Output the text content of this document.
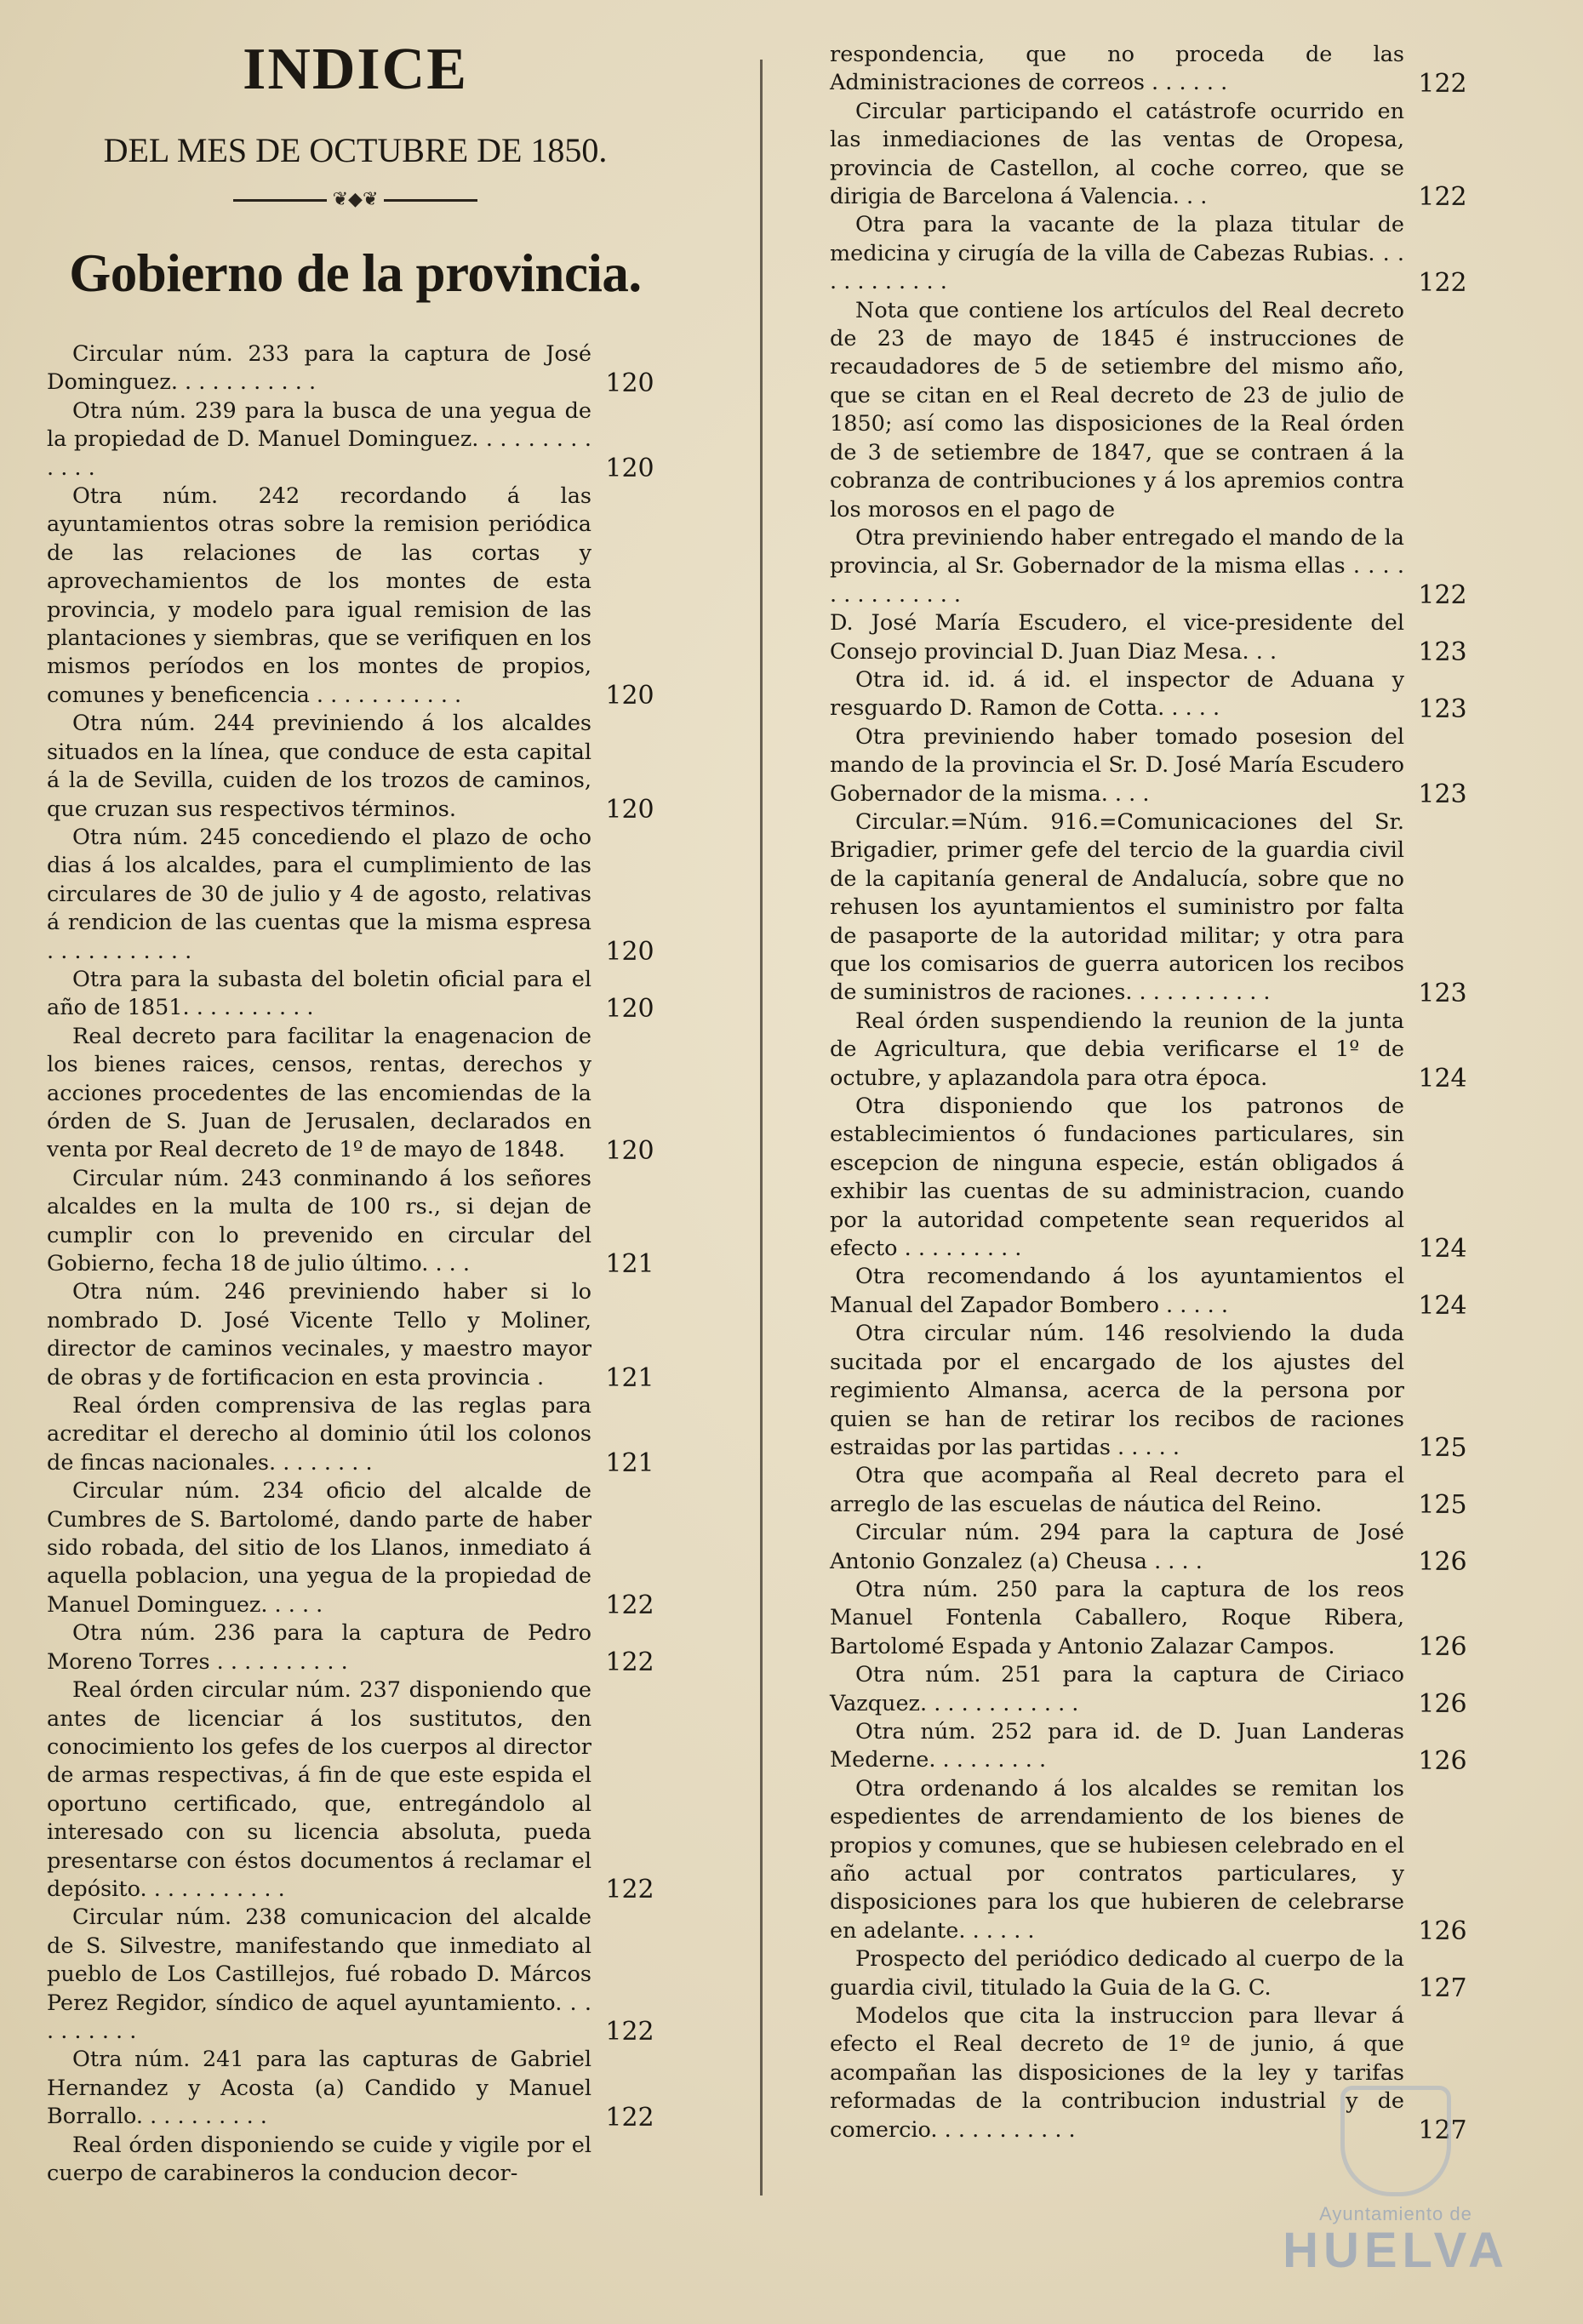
INDICE
DEL MES DE OCTUBRE DE 1850.
❦◆❦
Gobierno de la provincia.
Circular núm. 233 para la captura de José Dominguez. . . . . . . . . . .	120
Otra núm. 239 para la busca de una yegua de la propiedad de D. Manuel Dominguez. . . . . . . . . . . . .	120
Otra núm. 242 recordando á las ayuntamientos otras sobre la remision periódica de las relaciones de las cortas y aprovechamientos de los montes de esta provincia, y modelo para igual remision de las plantaciones y siembras, que se verifiquen en los mismos períodos en los montes de propios, comunes y beneficencia . . . . . . . . . . .	120
Otra núm. 244 previniendo á los alcaldes situados en la línea, que conduce de esta capital á la de Sevilla, cuiden de los trozos de caminos, que cruzan sus respectivos términos.	120
Otra núm. 245 concediendo el plazo de ocho dias á los alcaldes, para el cumplimiento de las circulares de 30 de julio y 4 de agosto, relativas á rendicion de las cuentas que la misma espresa . . . . . . . . . . .	120
Otra para la subasta del boletin oficial para el año de 1851. . . . . . . . . .	120
Real decreto para facilitar la enagenacion de los bienes raices, censos, rentas, derechos y acciones procedentes de las encomiendas de la órden de S. Juan de Jerusalen, declarados en venta por Real decreto de 1º de mayo de 1848.	120
Circular núm. 243 conminando á los señores alcaldes en la multa de 100 rs., si dejan de cumplir con lo prevenido en circular del Gobierno, fecha 18 de julio último. . . .	121
Otra núm. 246 previniendo haber si lo nombrado D. José Vicente Tello y Moliner, director de caminos vecinales, y maestro mayor de obras y de fortificacion en esta provincia .	121
Real órden comprensiva de las reglas para acreditar el derecho al dominio útil los colonos de fincas nacionales. . . . . . . .	121
Circular núm. 234 oficio del alcalde de Cumbres de S. Bartolomé, dando parte de haber sido robada, del sitio de los Llanos, inmediato á aquella poblacion, una yegua de la propiedad de Manuel Dominguez. . . . .	122
Otra núm. 236 para la captura de Pedro Moreno Torres . . . . . . . . . .	122
Real órden circular núm. 237 disponiendo que antes de licenciar á los sustitutos, den conocimiento los gefes de los cuerpos al director de armas respectivas, á fin de que este espida el oportuno certificado, que, entregándolo al interesado con su licencia absoluta, pueda presentarse con éstos documentos á reclamar el depósito. . . . . . . . . . .	122
Circular núm. 238 comunicacion del alcalde de S. Silvestre, manifestando que inmediato al pueblo de Los Castillejos, fué robado D. Márcos Perez Regidor, síndico de aquel ayuntamiento. . . . . . . . . .	122
Otra núm. 241 para las capturas de Gabriel Hernandez y Acosta (a) Candido y Manuel Borrallo. . . . . . . . . .	122
Real órden disponiendo se cuide y vigile por el cuerpo de carabineros la conducion decor-
respondencia, que no proceda de las Administraciones de correos . . . . . .	122
Circular participando el catástrofe ocurrido en las inmediaciones de las ventas de Oropesa, provincia de Castellon, al coche correo, que se dirigia de Barcelona á Valencia. . .	122
Otra para la vacante de la plaza titular de medicina y cirugía de la villa de Cabezas Rubias. . . . . . . . . . . .	122
Nota que contiene los artículos del Real decreto de 23 de mayo de 1845 é instrucciones de recaudadores de 5 de setiembre del mismo año, que se citan en el Real decreto de 23 de julio de 1850; así como las disposiciones de la Real órden de 3 de setiembre de 1847, que se contraen á la cobranza de contribuciones y á los apremios contra los morosos en el pago de
Otra previniendo haber entregado el mando de la provincia, al Sr. Gobernador de la misma ellas . . . . . . . . . . . . . .	122
D. José María Escudero, el vice-presidente del Consejo provincial D. Juan Diaz Mesa. . .	123
Otra id. id. á id. el inspector de Aduana y resguardo D. Ramon de Cotta. . . . .	123
Otra previniendo haber tomado posesion del mando de la provincia el Sr. D. José María Escudero Gobernador de la misma. . . .	123
Circular.=Núm. 916.=Comunicaciones del Sr. Brigadier, primer gefe del tercio de la guardia civil de la capitanía general de Andalucía, sobre que no rehusen los ayuntamientos el suministro por falta de pasaporte de la autoridad militar; y otra para que los comisarios de guerra autoricen los recibos de suministros de raciones. . . . . . . . . . .	123
Real órden suspendiendo la reunion de la junta de Agricultura, que debia verificarse el 1º de octubre, y aplazandola para otra época.	124
Otra disponiendo que los patronos de establecimientos ó fundaciones particulares, sin escepcion de ninguna especie, están obligados á exhibir las cuentas de su administracion, cuando por la autoridad competente sean requeridos al efecto . . . . . . . . .	124
Otra recomendando á los ayuntamientos el Manual del Zapador Bombero . . . . .	124
Otra circular núm. 146 resolviendo la duda sucitada por el encargado de los ajustes del regimiento Almansa, acerca de la persona por quien se han de retirar los recibos de raciones estraidas por las partidas . . . . .	125
Otra que acompaña al Real decreto para el arreglo de las escuelas de náutica del Reino.	125
Circular núm. 294 para la captura de José Antonio Gonzalez (a) Cheusa . . . .	126
Otra núm. 250 para la captura de los reos Manuel Fontenla Caballero, Roque Ribera, Bartolomé Espada y Antonio Zalazar Campos.	126
Otra núm. 251 para la captura de Ciriaco Vazquez. . . . . . . . . . . .	126
Otra núm. 252 para id. de D. Juan Landeras Mederne. . . . . . . . .	126
Otra ordenando á los alcaldes se remitan los espedientes de arrendamiento de los bienes de propios y comunes, que se hubiesen celebrado en el año actual por contratos particulares, y disposiciones para los que hubieren de celebrarse en adelante. . . . . .	126
Prospecto del periódico dedicado al cuerpo de la guardia civil, titulado la Guia de la G. C.	127
Modelos que cita la instruccion para llevar á efecto el Real decreto de 1º de junio, á que acompañan las disposiciones de la ley y tarifas reformadas de la contribucion industrial y de comercio. . . . . . . . . . .	127
Ayuntamiento de
HUELVA
